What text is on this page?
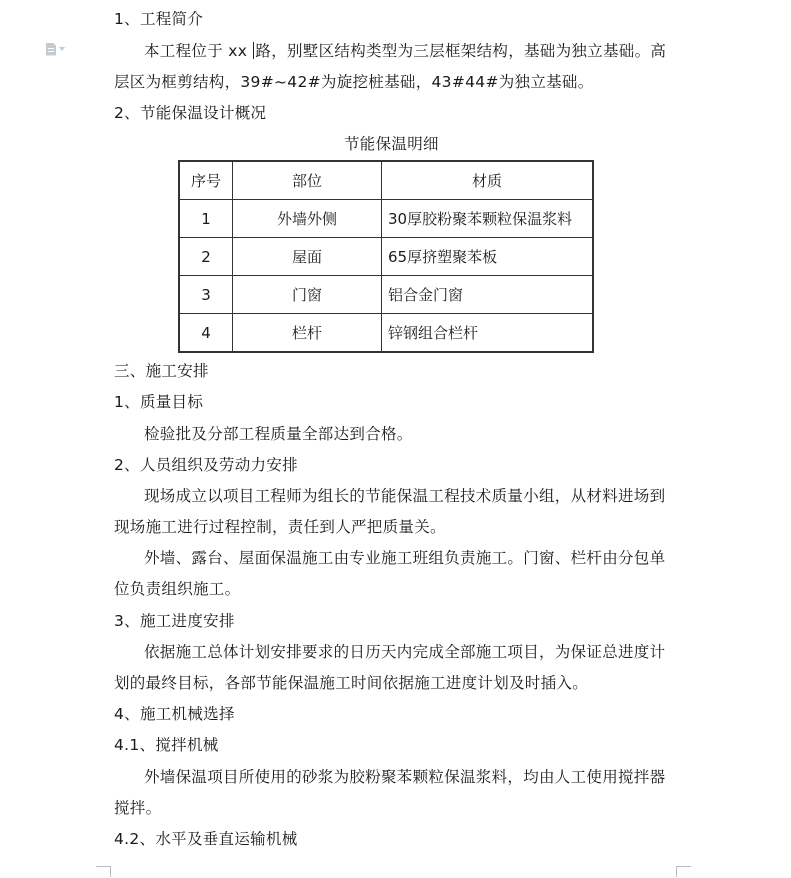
1、工程简介
本工程位于 xx 路，别墅区结构类型为三层框架结构，基础为独立基础。高
层区为框剪结构，39#~42#为旋挖桩基础，43#44#为独立基础。
2、节能保温设计概况
节能保温明细
序号	部位	材质
1	外墙外侧	30厚胶粉聚苯颗粒保温浆料
2	屋面	65厚挤塑聚苯板
3	门窗	铝合金门窗
4	栏杆	锌钢组合栏杆
三、施工安排
1、质量目标
检验批及分部工程质量全部达到合格。
2、人员组织及劳动力安排
现场成立以项目工程师为组长的节能保温工程技术质量小组，从材料进场到
现场施工进行过程控制，责任到人严把质量关。
外墙、露台、屋面保温施工由专业施工班组负责施工。门窗、栏杆由分包单
位负责组织施工。
3、施工进度安排
依据施工总体计划安排要求的日历天内完成全部施工项目，为保证总进度计
划的最终目标，各部节能保温施工时间依据施工进度计划及时插入。
4、施工机械选择
4.1、搅拌机械
外墙保温项目所使用的砂浆为胶粉聚苯颗粒保温浆料，均由人工使用搅拌器
搅拌。
4.2、水平及垂直运输机械
